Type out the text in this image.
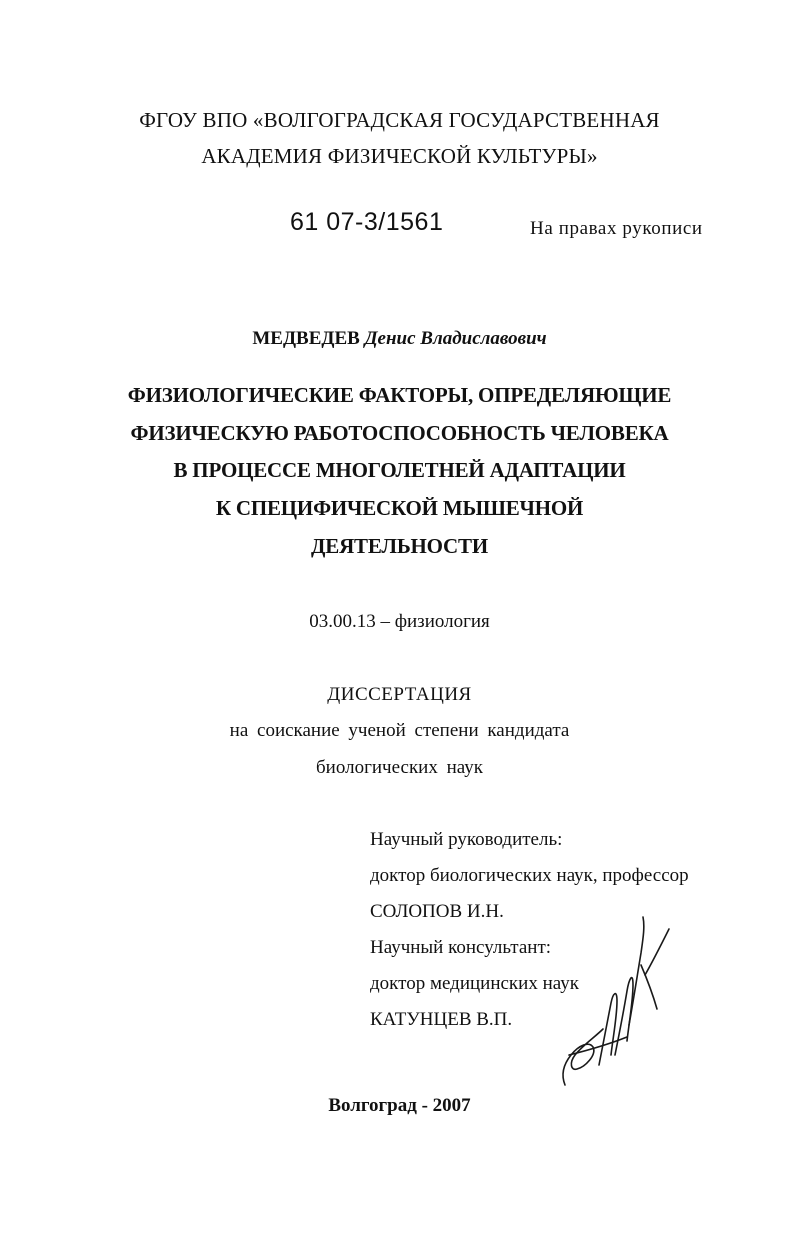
ФГОУ ВПО «ВОЛГОГРАДСКАЯ ГОСУДАРСТВЕННАЯ

АКАДЕМИЯ ФИЗИЧЕСКОЙ КУЛЬТУРЫ»

61 07-3/1561	На правах рукописи

МЕДВЕДЕВ Денис Владиславович

ФИЗИОЛОГИЧЕСКИЕ ФАКТОРЫ, ОПРЕДЕЛЯЮЩИЕ

ФИЗИЧЕСКУЮ РАБОТОСПОСОБНОСТЬ ЧЕЛОВЕКА

В ПРОЦЕССЕ МНОГОЛЕТНЕЙ АДАПТАЦИИ

К СПЕЦИФИЧЕСКОЙ МЫШЕЧНОЙ

ДЕЯТЕЛЬНОСТИ

03.00.13 – физиология

ДИССЕРТАЦИЯ

на соискание ученой степени кандидата

биологических наук

Научный руководитель:

доктор биологических наук, профессор

СОЛОПОВ И.Н.

Научный консультант:

доктор медицинских наук

КАТУНЦЕВ В.П.

Волгоград - 2007
